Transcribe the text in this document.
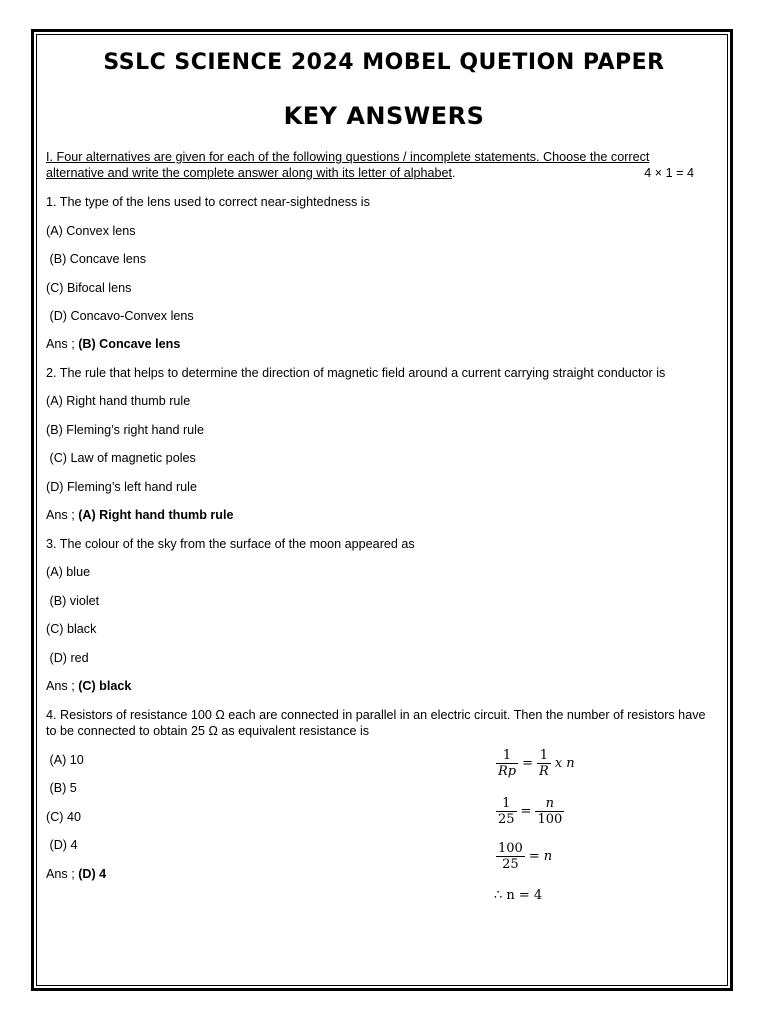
SSLC SCIENCE 2024 MOBEL QUETION PAPER
KEY ANSWERS
I. Four alternatives are given for each of the following questions / incomplete statements. Choose the correct alternative and write the complete answer along with its letter of alphabet.	4 × 1 = 4
1. The type of the lens used to correct near-sightedness is
(A) Convex lens
(B) Concave lens
(C) Bifocal lens
(D) Concavo-Convex lens
Ans ; (B) Concave lens
2. The rule that helps to determine the direction of magnetic field around a current carrying straight conductor is
(A) Right hand thumb rule
(B) Fleming’s right hand rule
(C) Law of magnetic poles
(D) Fleming’s left hand rule
Ans ; (A) Right hand thumb rule
3. The colour of the sky from the surface of the moon appeared as
(A) blue
(B) violet
(C) black
(D) red
Ans ; (C) black
4. Resistors of resistance 100 Ω each are connected in parallel in an electric circuit. Then the number of resistors have to be connected to obtain 25 Ω as equivalent resistance is
(A) 10
(B) 5
(C) 40
(D) 4
Ans ; (D) 4
$\frac{1}{Rp} = \frac{1}{R}$ x n
$\frac{1}{25} = \frac{n}{100}$
$\frac{100}{25} = n$
∴ n = 4
